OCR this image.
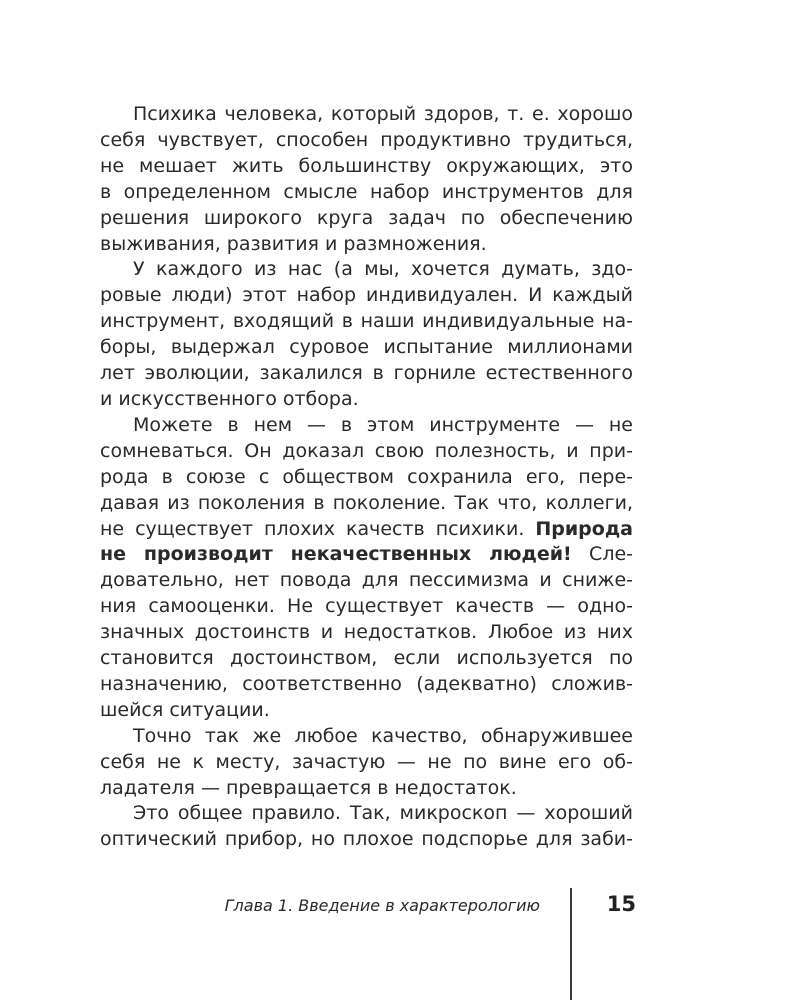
Психика человека, который здоров, т. е. хорошо
себя чувствует, способен продуктивно трудиться,
не мешает жить большинству окружающих, это
в определенном смысле набор инструментов для
решения широкого круга задач по обеспечению
выживания, развития и размножения.
У каждого из нас (а мы, хочется думать, здо-
ровые люди) этот набор индивидуален. И каждый
инструмент, входящий в наши индивидуальные на-
боры, выдержал суровое испытание миллионами
лет эволюции, закалился в горниле естественного
и искусственного отбора.
Можете в нем — в этом инструменте — не
сомневаться. Он доказал свою полезность, и при-
рода в союзе с обществом сохранила его, пере-
давая из поколения в поколение. Так что, коллеги,
не существует плохих качеств психики. Природа
не производит некачественных людей! Сле-
довательно, нет повода для пессимизма и сниже-
ния самооценки. Не существует качеств — одно-
значных достоинств и недостатков. Любое из них
становится достоинством, если используется по
назначению, соответственно (адекватно) сложив-
шейся ситуации.
Точно так же любое качество, обнаружившее
себя не к месту, зачастую — не по вине его об-
ладателя — превращается в недостаток.
Это общее правило. Так, микроскоп — хороший
оптический прибор, но плохое подспорье для заби-
Глава 1. Введение в характерологию	15
